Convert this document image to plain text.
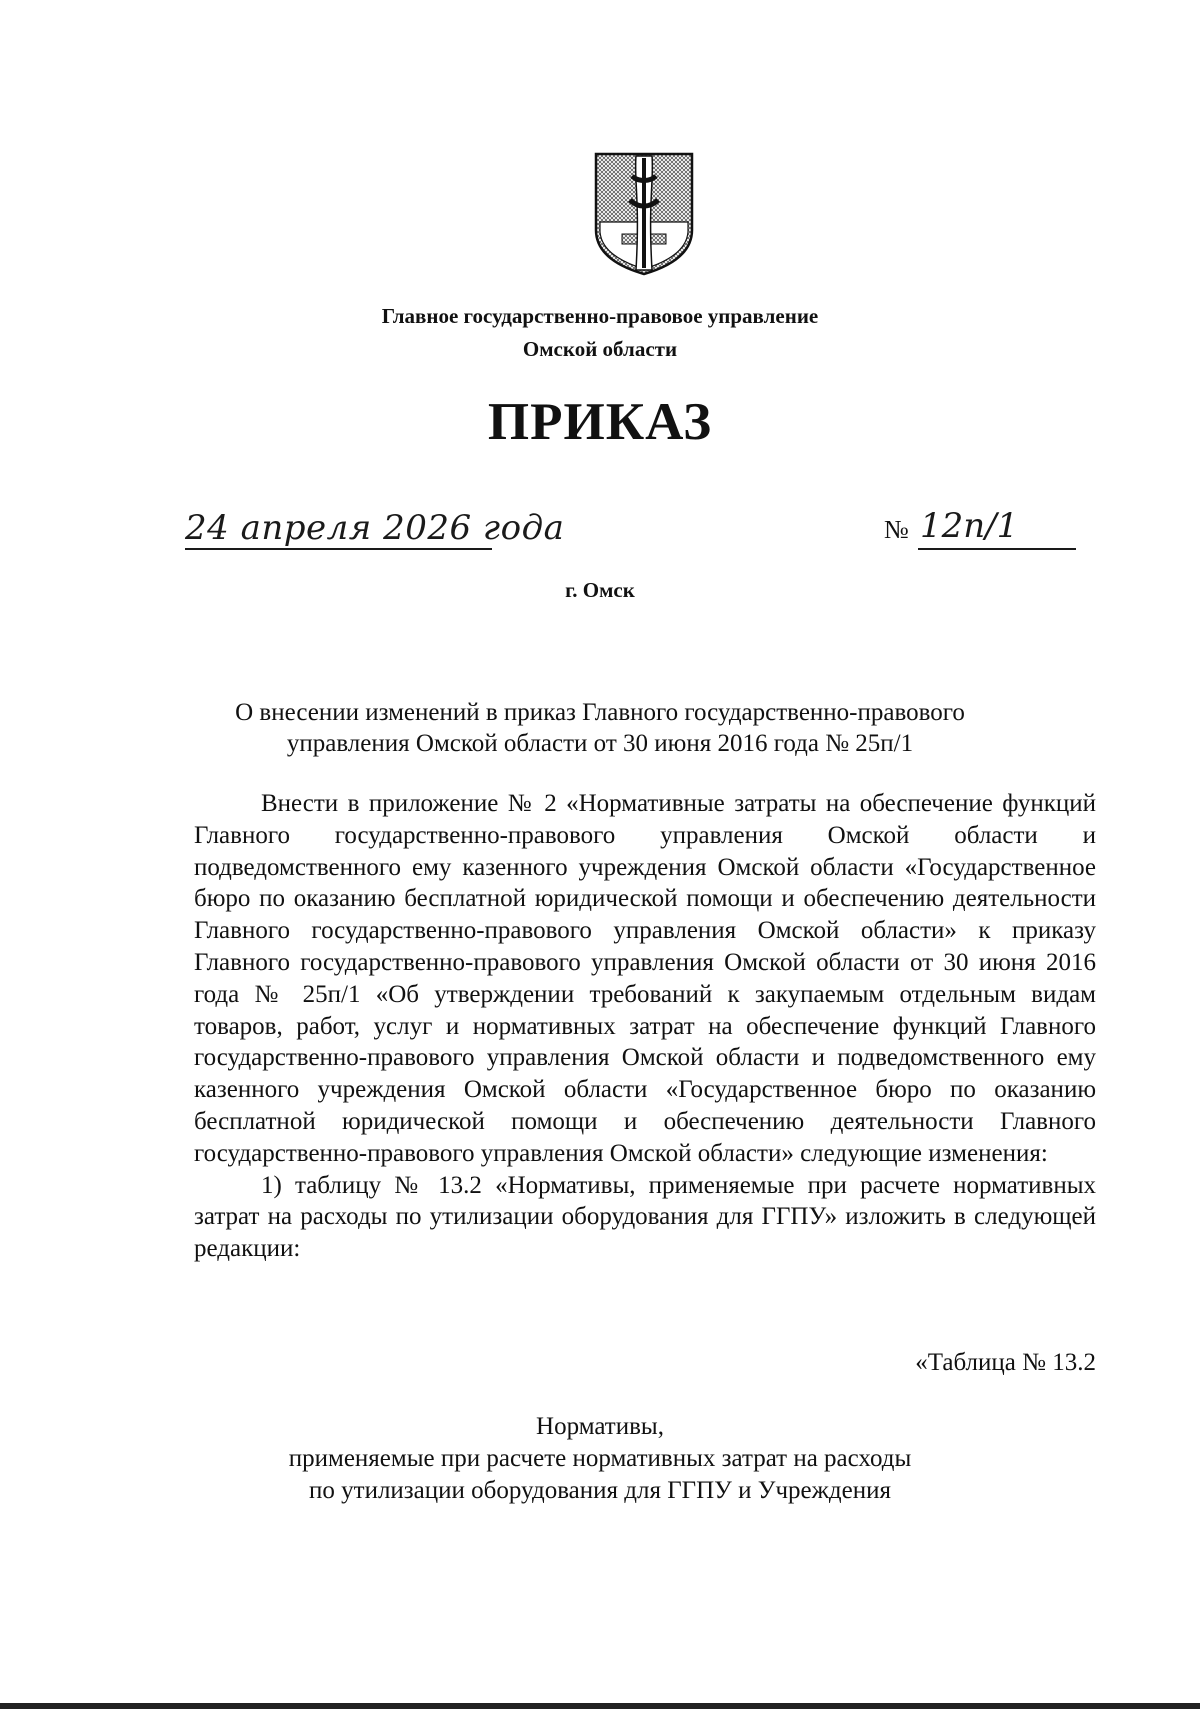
Главное государственно-правовое управление
Омской области
ПРИКАЗ
24 апреля 2026 года	№ 12п/1
г. Омск
О внесении изменений в приказ Главного государственно-правового
управления Омской области от 30 июня 2016 года № 25п/1

Внести в приложение № 2 «Нормативные затраты на обеспечение функций Главного государственно-правового управления Омской области и подведомственного ему казенного учреждения Омской области «Государственное бюро по оказанию бесплатной юридической помощи и обеспечению деятельности Главного государственно-правового управления Омской области» к приказу Главного государственно-правового управления Омской области от 30 июня 2016 года № 25п/1 «Об утверждении требований к закупаемым отдельным видам товаров, работ, услуг и нормативных затрат на обеспечение функций Главного государственно-правового управления Омской области и подведомственного ему казенного учреждения Омской области «Государственное бюро по оказанию бесплатной юридической помощи и обеспечению деятельности Главного государственно-правового управления Омской области» следующие изменения:

1) таблицу № 13.2 «Нормативы, применяемые при расчете нормативных затрат на расходы по утилизации оборудования для ГГПУ» изложить в следующей редакции:

«Таблица № 13.2
Нормативы,
применяемые при расчете нормативных затрат на расходы
по утилизации оборудования для ГГПУ и Учреждения
